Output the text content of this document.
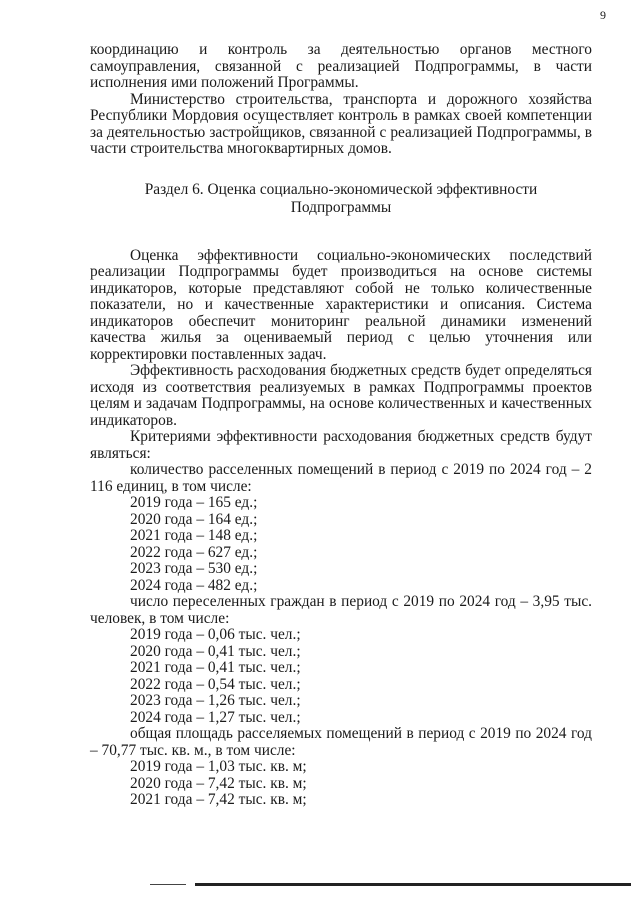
9

координацию и контроль за деятельностью органов местного самоуправления, связанной с реализацией Подпрограммы, в части исполнения ими положений Программы.

Министерство строительства, транспорта и дорожного хозяйства Республики Мордовия осуществляет контроль в рамках своей компетенции за деятельностью застройщиков, связанной с реализацией Подпрограммы, в части строительства многоквартирных домов.

Раздел 6. Оценка социально-экономической эффективности
Подпрограммы

Оценка эффективности социально-экономических последствий реализации Подпрограммы будет производиться на основе системы индикаторов, которые представляют собой не только количественные показатели, но и качественные характеристики и описания. Система индикаторов обеспечит мониторинг реальной динамики изменений качества жилья за оцениваемый период с целью уточнения или корректировки поставленных задач.

Эффективность расходования бюджетных средств будет определяться исходя из соответствия реализуемых в рамках Подпрограммы проектов целям и задачам Подпрограммы, на основе количественных и качественных индикаторов.

Критериями эффективности расходования бюджетных средств будут являться:

количество расселенных помещений в период с 2019 по 2024 год – 2 116 единиц, в том числе:

2019 года – 165 ед.;
2020 года – 164 ед.;
2021 года – 148 ед.;
2022 года – 627 ед.;
2023 года – 530 ед.;
2024 года – 482 ед.;

число переселенных граждан в период с 2019 по 2024 год – 3,95 тыс. человек, в том числе:

2019 года – 0,06 тыс. чел.;
2020 года – 0,41 тыс. чел.;
2021 года – 0,41 тыс. чел.;
2022 года – 0,54 тыс. чел.;
2023 года – 1,26 тыс. чел.;
2024 года – 1,27 тыс. чел.;

общая площадь расселяемых помещений в период с 2019 по 2024 год – 70,77 тыс. кв. м., в том числе:

2019 года – 1,03 тыс. кв. м;
2020 года – 7,42 тыс. кв. м;
2021 года – 7,42 тыс. кв. м;
